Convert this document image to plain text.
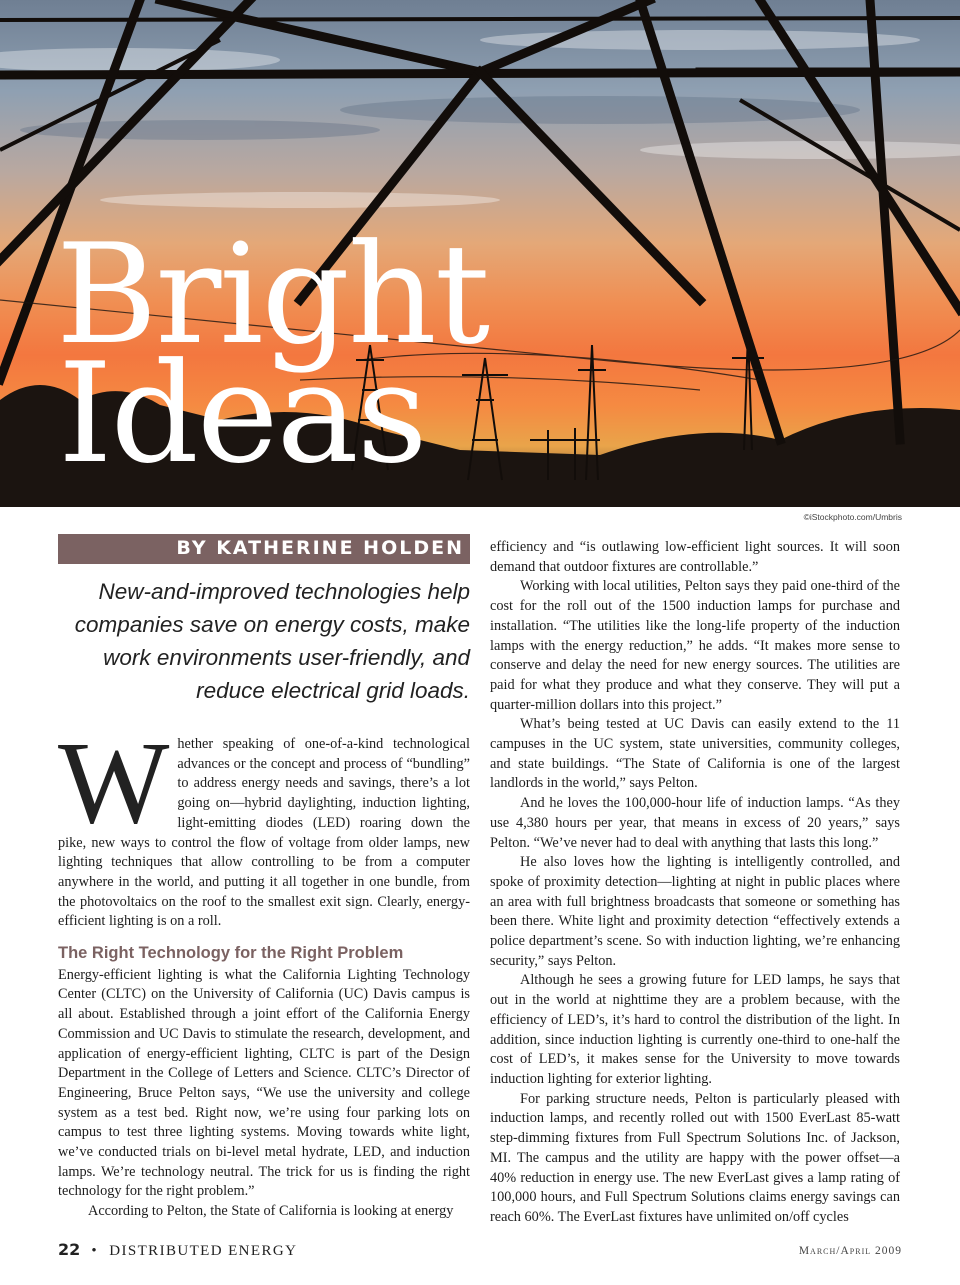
Bright
Ideas
©iStockphoto.com/Umbris
BY KATHERINE HOLDEN
New-and-improved technologies help companies save on energy costs, make work environments user-friendly, and reduce electrical grid loads.

Whether speaking of one-of-a-kind technological advances or the concept and process of “bundling” to address energy needs and savings, there’s a lot going on—hybrid daylighting, induction lighting, light-emitting diodes (LED) roaring down the pike, new ways to control the flow of voltage from older lamps, new lighting techniques that allow controlling to be from a computer anywhere in the world, and putting it all together in one bundle, from the photovoltaics on the roof to the smallest exit sign. Clearly, energy-efficient lighting is on a roll.

The Right Technology for the Right Problem

Energy-efficient lighting is what the California Lighting Technology Center (CLTC) on the University of California (UC) Davis campus is all about. Established through a joint effort of the California Energy Commission and UC Davis to stimulate the research, development, and application of energy-efficient lighting, CLTC is part of the Design Department in the College of Letters and Science. CLTC’s Director of Engineering, Bruce Pelton says, “We use the university and college system as a test bed. Right now, we’re using four parking lots on campus to test three lighting systems. Moving towards white light, we’ve conducted trials on bi-level metal hydrate, LED, and induction lamps. We’re technology neutral. The trick for us is finding the right technology for the right problem.”

According to Pelton, the State of California is looking at energy

efficiency and “is outlawing low-efficient light sources. It will soon demand that outdoor fixtures are controllable.”

Working with local utilities, Pelton says they paid one-third of the cost for the roll out of the 1500 induction lamps for purchase and installation. “The utilities like the long-life property of the induction lamps with the energy reduction,” he adds. “It makes more sense to conserve and delay the need for new energy sources. The utilities are paid for what they produce and what they conserve. They will put a quarter-million dollars into this project.”

What’s being tested at UC Davis can easily extend to the 11 campuses in the UC system, state universities, community colleges, and state buildings. “The State of California is one of the largest landlords in the world,” says Pelton.

And he loves the 100,000-hour life of induction lamps. “As they use 4,380 hours per year, that means in excess of 20 years,” says Pelton. “We’ve never had to deal with anything that lasts this long.”

He also loves how the lighting is intelligently controlled, and spoke of proximity detection—lighting at night in public places where an area with full brightness broadcasts that someone or something has been there. White light and proximity detection “effectively extends a police department’s scene. So with induction lighting, we’re enhancing security,” says Pelton.

Although he sees a growing future for LED lamps, he says that out in the world at nighttime they are a problem because, with the efficiency of LED’s, it’s hard to control the distribution of the light. In addition, since induction lighting is currently one-third to one-half the cost of LED’s, it makes sense for the University to move towards induction lighting for exterior lighting.

For parking structure needs, Pelton is particularly pleased with induction lamps, and recently rolled out with 1500 EverLast 85-watt step-dimming fixtures from Full Spectrum Solutions Inc. of Jackson, MI. The campus and the utility are happy with the power offset—a 40% reduction in energy use. The new EverLast gives a lamp rating of 100,000 hours, and Full Spectrum Solutions claims energy savings can reach 60%. The EverLast fixtures have unlimited on/off cycles

22 • DISTRIBUTED ENERGY	March/April 2009
